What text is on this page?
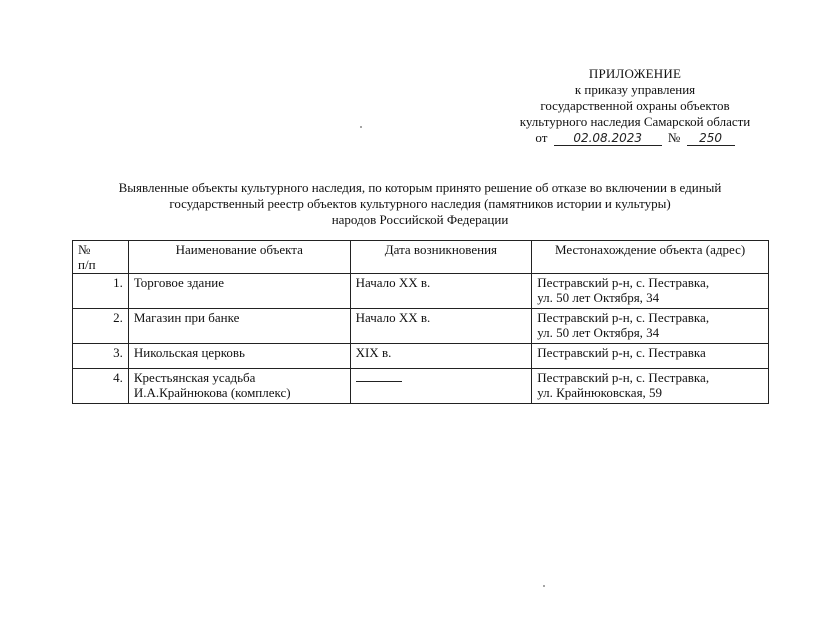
ПРИЛОЖЕНИЕ
к приказу управления
государственной охраны объектов
культурного наследия Самарской области
от 02.08.2023 № 250
Выявленные объекты культурного наследия, по которым принято решение об отказе во включении в единый
государственный реестр объектов культурного наследия (памятников истории и культуры)
народов Российской Федерации
№
п/п	Наименование объекта	Дата возникновения	Местонахождение объекта (адрес)
1.	Торговое здание	Начало XX в.	Пестравский р-н, с. Пестравка,
ул. 50 лет Октября, 34

2.	Магазин при банке	Начало XX в.	Пестравский р-н, с. Пестравка,
ул. 50 лет Октября, 34

3.	Никольская церковь	XIX в.	Пестравский р-н, с. Пестравка

4.	Крестьянская усадьба
И.А.Крайнюкова (комплекс)		Пестравский р-н, с. Пестравка,
ул. Крайнюковская, 59
